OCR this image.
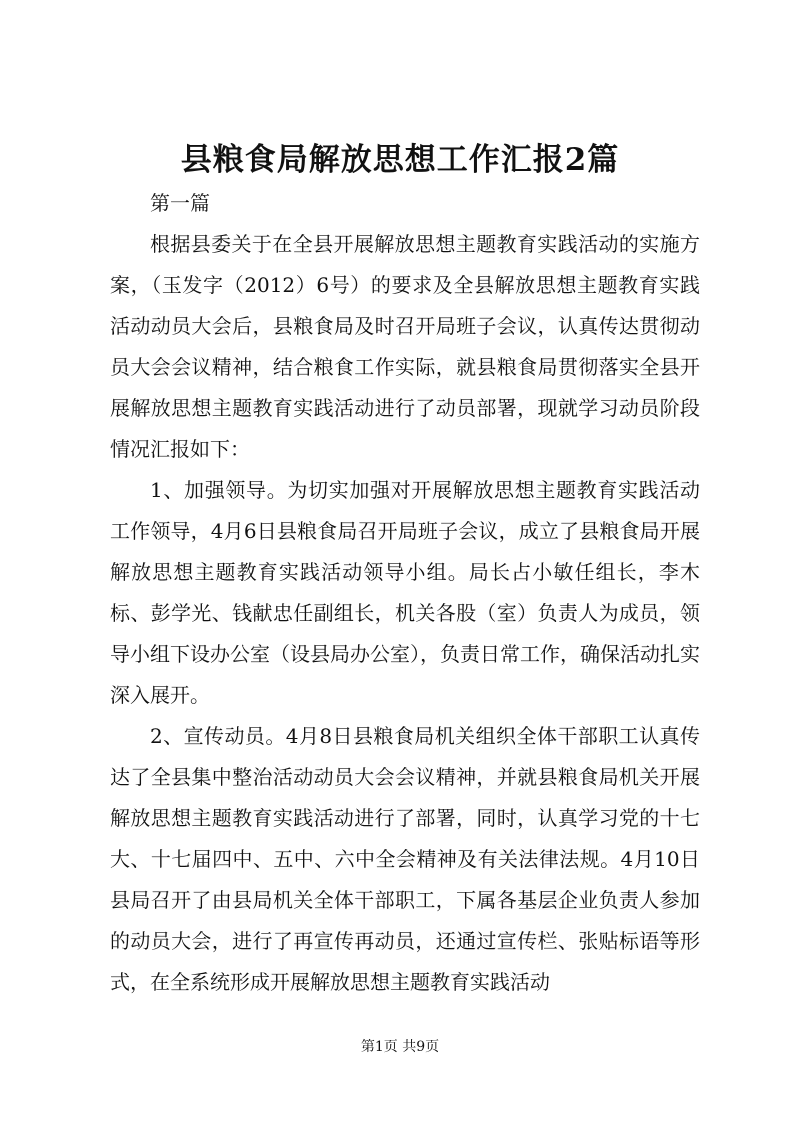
县粮食局解放思想工作汇报2篇

第一篇

根据县委关于在全县开展解放思想主题教育实践活动的实施方案，（玉发字（2012）6号）的要求及全县解放思想主题教育实践活动动员大会后，县粮食局及时召开局班子会议，认真传达贯彻动员大会会议精神，结合粮食工作实际，就县粮食局贯彻落实全县开展解放思想主题教育实践活动进行了动员部署，现就学习动员阶段情况汇报如下：

1、加强领导。为切实加强对开展解放思想主题教育实践活动工作领导，4月6日县粮食局召开局班子会议，成立了县粮食局开展解放思想主题教育实践活动领导小组。局长占小敏任组长，李木标、彭学光、钱献忠任副组长，机关各股（室）负责人为成员，领导小组下设办公室（设县局办公室），负责日常工作，确保活动扎实深入展开。

2、宣传动员。4月8日县粮食局机关组织全体干部职工认真传达了全县集中整治活动动员大会会议精神，并就县粮食局机关开展解放思想主题教育实践活动进行了部署，同时，认真学习党的十七大、十七届四中、五中、六中全会精神及有关法律法规。4月10日县局召开了由县局机关全体干部职工，下属各基层企业负责人参加的动员大会，进行了再宣传再动员，还通过宣传栏、张贴标语等形式，在全系统形成开展解放思想主题教育实践活动

第1页 共9页
